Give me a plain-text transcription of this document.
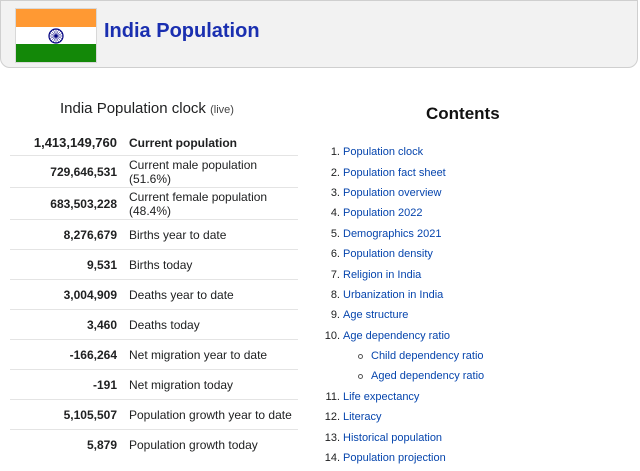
India Population
India Population clock (live)
1,413,149,760	Current population
729,646,531	Current male population (51.6%)
683,503,228	Current female population (48.4%)
8,276,679	Births year to date
9,531	Births today
3,004,909	Deaths year to date
3,460	Deaths today
-166,264	Net migration year to date
-191	Net migration today
5,105,507	Population growth year to date
5,879	Population growth today
Contents
1. Population clock
2. Population fact sheet
3. Population overview
4. Population 2022
5. Demographics 2021
6. Population density
7. Religion in India
8. Urbanization in India
9. Age structure
10. Age dependency ratio
Child dependency ratio
Aged dependency ratio
11. Life expectancy
12. Literacy
13. Historical population
14. Population projection
